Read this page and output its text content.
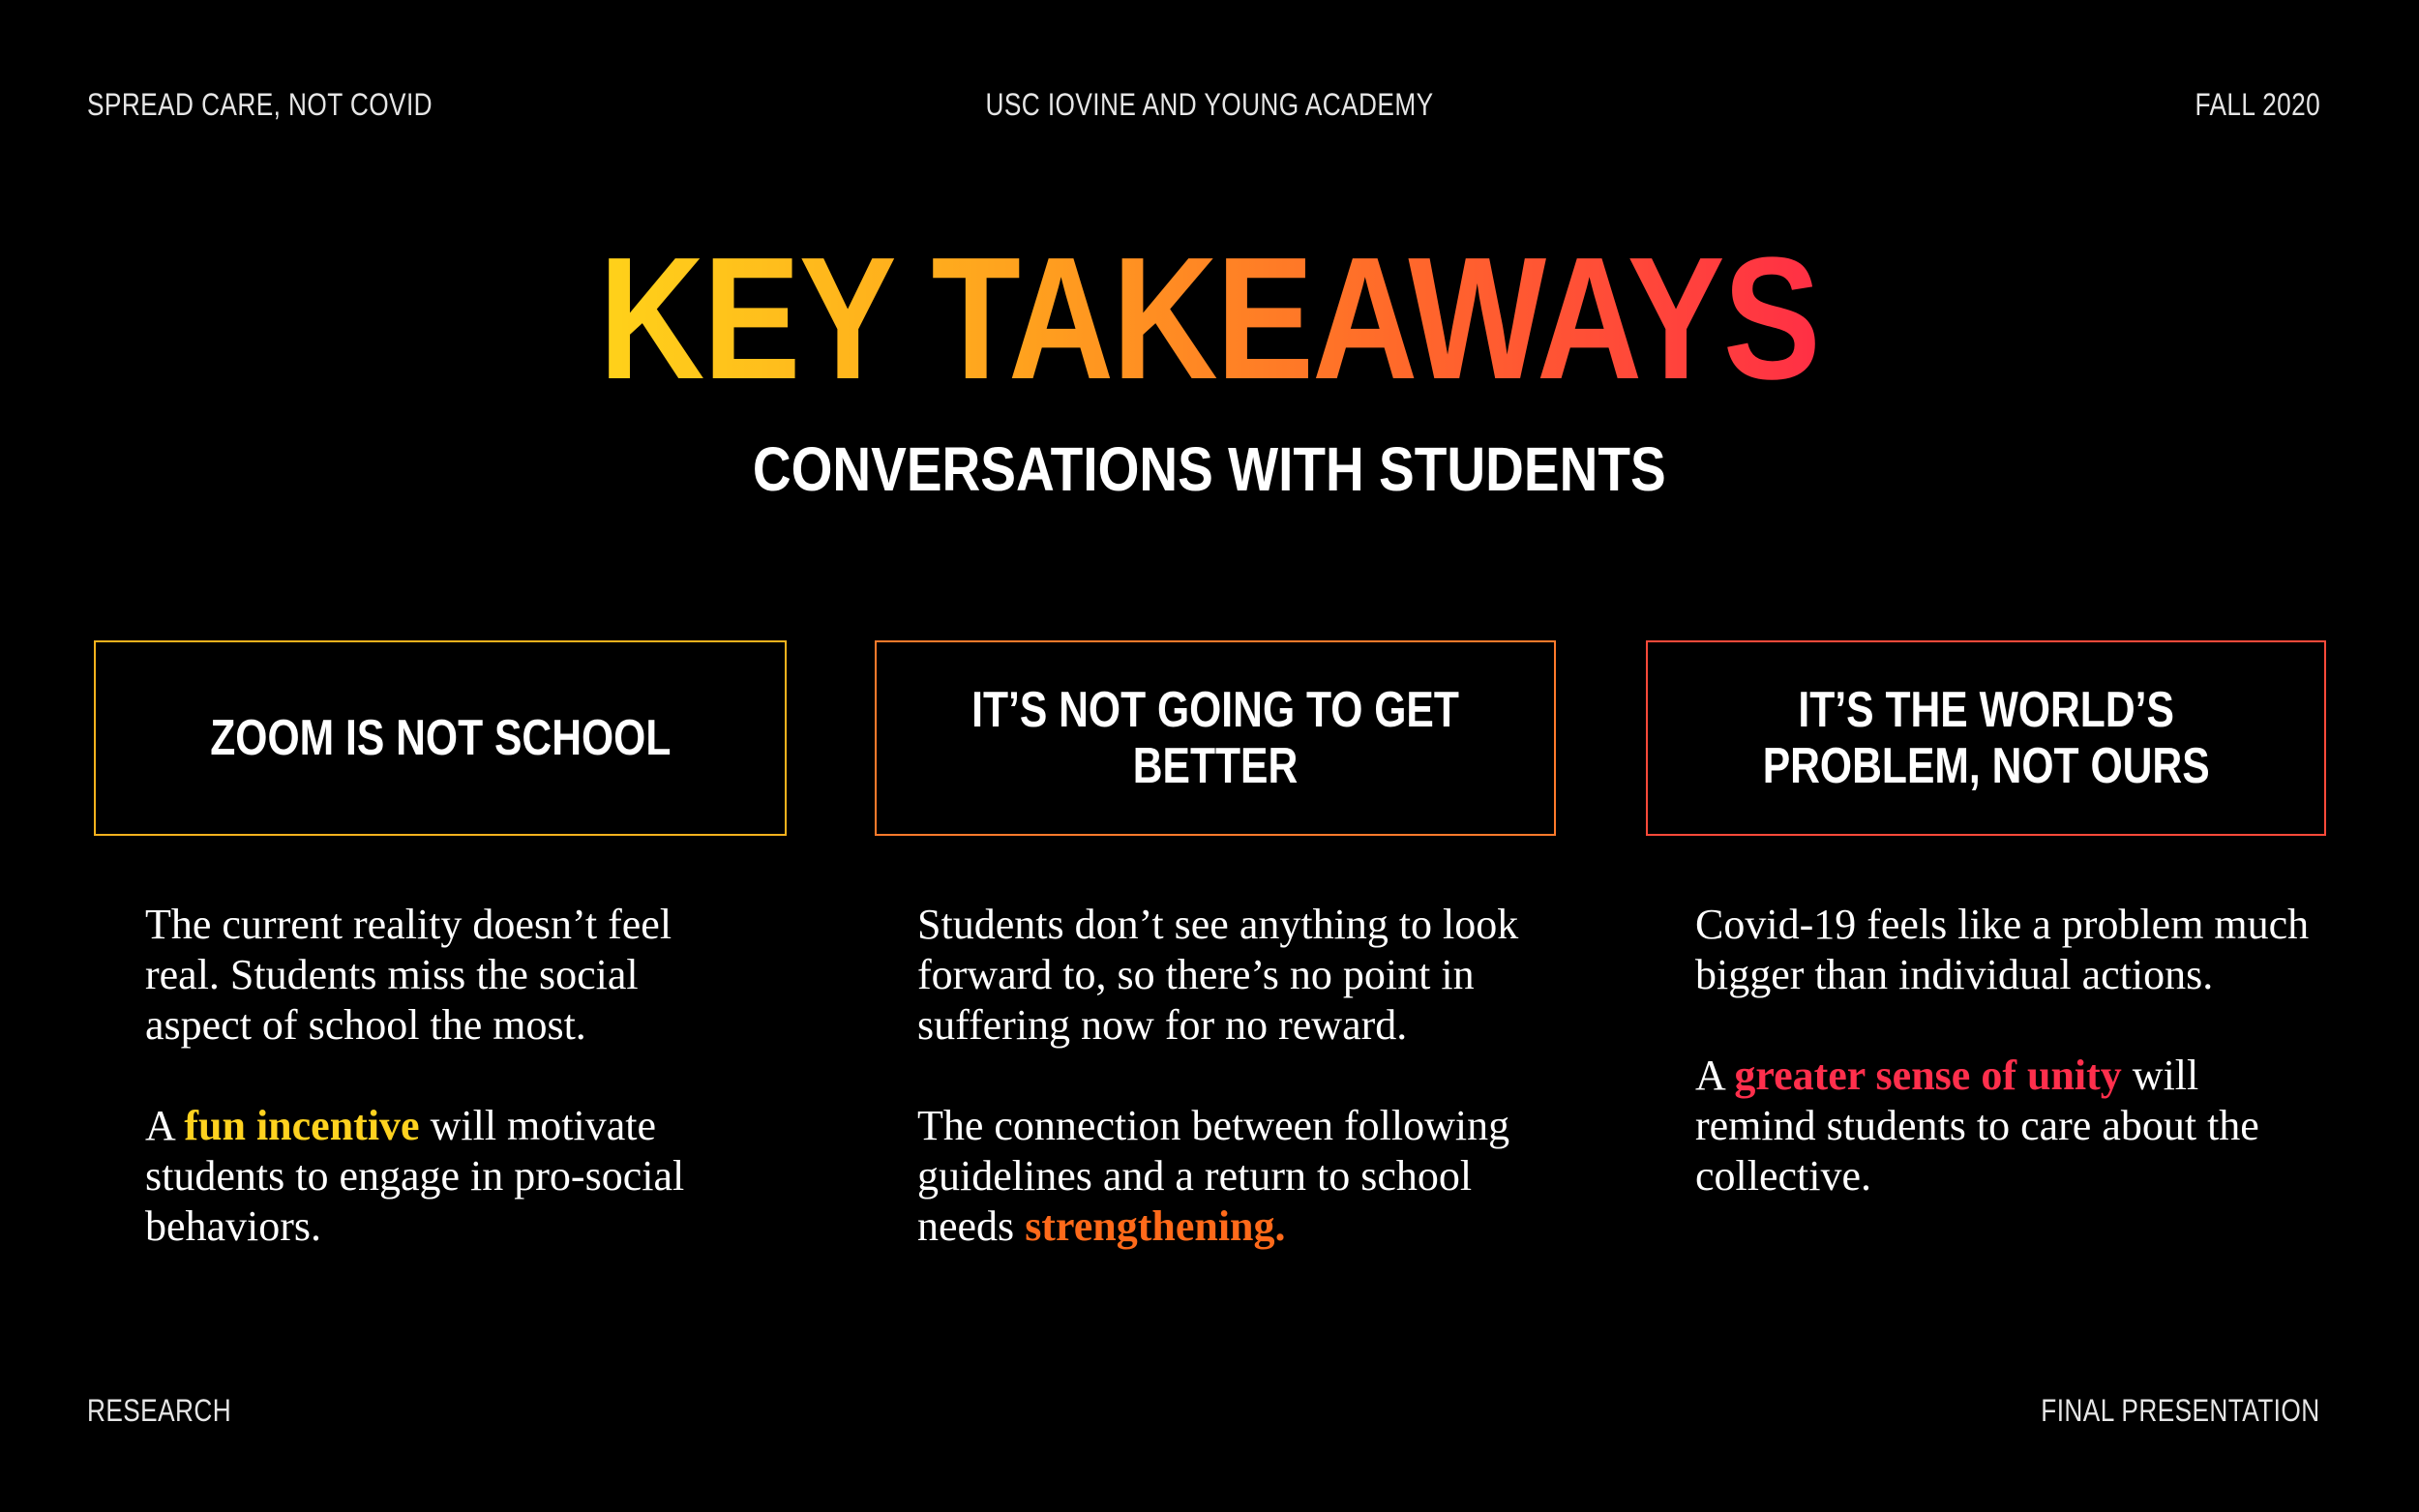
SPREAD CARE, NOT COVID	USC IOVINE AND YOUNG ACADEMY	FALL 2020
KEY TAKEAWAYS
CONVERSATIONS WITH STUDENTS
ZOOM IS NOT SCHOOL	IT’S NOT GOING TO GET BETTER
IT’S THE WORLD’S
PROBLEM, NOT OURS

The current reality doesn’t feel real. Students miss the social aspect of school the most.

A fun incentive will motivate students to engage in pro-social behaviors.

Students don’t see anything to look forward to, so there’s no point in suffering now for no reward.

The connection between following guidelines and a return to school needs strengthening.

Covid-19 feels like a problem much bigger than individual actions.

A greater sense of unity will remind students to care about the collective.

RESEARCH	FINAL PRESENTATION
